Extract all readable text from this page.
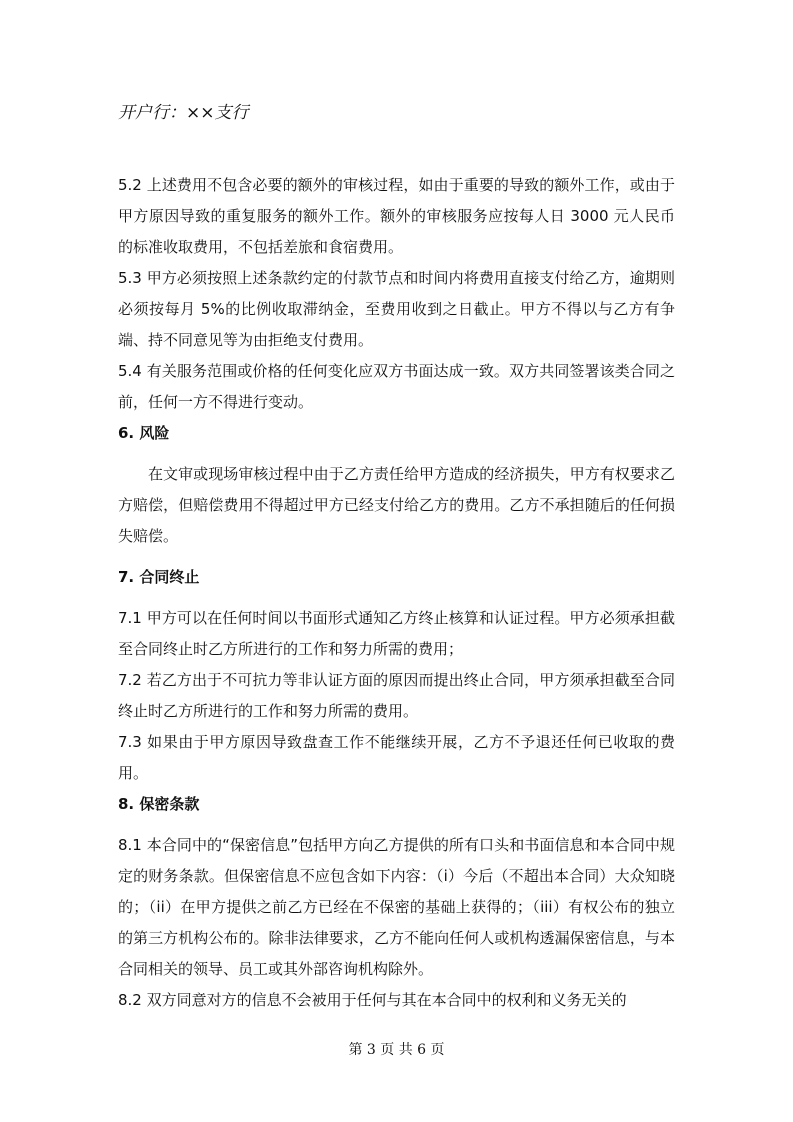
开户行：××支行

5.2 上述费用不包含必要的额外的审核过程，如由于重要的导致的额外工作，或由于甲方原因导致的重复服务的额外工作。额外的审核服务应按每人日 3000 元人民币的标准收取费用，不包括差旅和食宿费用。

5.3 甲方必须按照上述条款约定的付款节点和时间内将费用直接支付给乙方，逾期则必须按每月 5%的比例收取滞纳金，至费用收到之日截止。甲方不得以与乙方有争端、持不同意见等为由拒绝支付费用。

5.4 有关服务范围或价格的任何变化应双方书面达成一致。双方共同签署该类合同之前，任何一方不得进行变动。

6. 风险

在文审或现场审核过程中由于乙方责任给甲方造成的经济损失，甲方有权要求乙方赔偿，但赔偿费用不得超过甲方已经支付给乙方的费用。乙方不承担随后的任何损失赔偿。

7. 合同终止

7.1 甲方可以在任何时间以书面形式通知乙方终止核算和认证过程。甲方必须承担截至合同终止时乙方所进行的工作和努力所需的费用；

7.2 若乙方出于不可抗力等非认证方面的原因而提出终止合同，甲方须承担截至合同终止时乙方所进行的工作和努力所需的费用。

7.3 如果由于甲方原因导致盘查工作不能继续开展，乙方不予退还任何已收取的费用。

8. 保密条款

8.1 本合同中的“保密信息”包括甲方向乙方提供的所有口头和书面信息和本合同中规定的财务条款。但保密信息不应包含如下内容：（i）今后（不超出本合同）大众知晓的；（ii）在甲方提供之前乙方已经在不保密的基础上获得的；（iii）有权公布的独立的第三方机构公布的。除非法律要求，乙方不能向任何人或机构透漏保密信息，与本合同相关的领导、员工或其外部咨询机构除外。

8.2 双方同意对方的信息不会被用于任何与其在本合同中的权利和义务无关的

第 3 页 共 6 页
